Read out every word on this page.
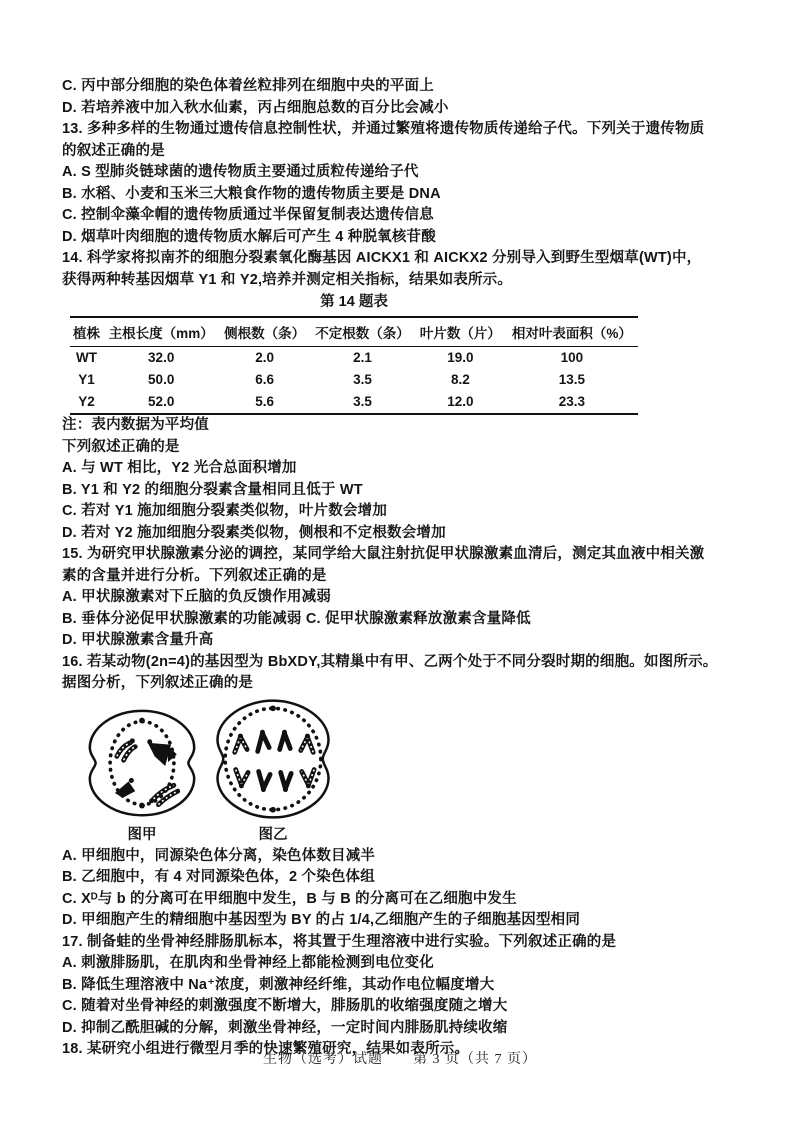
C. 丙中部分细胞的染色体着丝粒排列在细胞中央的平面上

D. 若培养液中加入秋水仙素，丙占细胞总数的百分比会减小

13. 多种多样的生物通过遗传信息控制性状，并通过繁殖将遗传物质传递给子代。下列关于遗传物质

的叙述正确的是

A. S 型肺炎链球菌的遗传物质主要通过质粒传递给子代

B. 水稻、小麦和玉米三大粮食作物的遗传物质主要是 DNA

C. 控制伞藻伞帽的遗传物质通过半保留复制表达遗传信息

D. 烟草叶肉细胞的遗传物质水解后可产生 4 种脱氧核苷酸

14. 科学家将拟南芥的细胞分裂素氧化酶基因 AICKX1 和 AICKX2 分别导入到野生型烟草(WT)中，

获得两种转基因烟草 Y1 和 Y2,培养并测定相关指标，结果如表所示。

第 14 题表
植株	主根长度（mm）	侧根数（条）	不定根数（条）	叶片数（片）	相对叶表面积（%）
WT	32.0	2.0	2.1	19.0	100
Y1	50.0	6.6	3.5	8.2	13.5
Y2	52.0	5.6	3.5	12.0	23.3

注：表内数据为平均值

下列叙述正确的是

A. 与 WT 相比，Y2 光合总面积增加

B. Y1 和 Y2 的细胞分裂素含量相同且低于 WT

C. 若对 Y1 施加细胞分裂素类似物，叶片数会增加

D. 若对 Y2 施加细胞分裂素类似物，侧根和不定根数会增加

15. 为研究甲状腺激素分泌的调控，某同学给大鼠注射抗促甲状腺激素血清后，测定其血液中相关激

素的含量并进行分析。下列叙述正确的是

A. 甲状腺激素对下丘脑的负反馈作用减弱

B. 垂体分泌促甲状腺激素的功能减弱 C. 促甲状腺激素释放激素含量降低

D. 甲状腺激素含量升高

16. 若某动物(2n=4)的基因型为 BbXDY,其精巢中有甲、乙两个处于不同分裂时期的细胞。如图所示。

据图分析，下列叙述正确的是

图甲	图乙

A. 甲细胞中，同源染色体分离，染色体数目减半

B. 乙细胞中，有 4 对同源染色体，2 个染色体组

C. Xᴰ与 b 的分离可在甲细胞中发生，B 与 B 的分离可在乙细胞中发生

D. 甲细胞产生的精细胞中基因型为 BY 的占 1/4,乙细胞产生的子细胞基因型相同

17. 制备蛙的坐骨神经腓肠肌标本，将其置于生理溶液中进行实验。下列叙述正确的是

A. 刺激腓肠肌，在肌肉和坐骨神经上都能检测到电位变化

B. 降低生理溶液中 Na⁺浓度，刺激神经纤维，其动作电位幅度增大

C. 随着对坐骨神经的刺激强度不断增大，腓肠肌的收缩强度随之增大

D. 抑制乙酰胆碱的分解，刺激坐骨神经，一定时间内腓肠肌持续收缩

18. 某研究小组进行微型月季的快速繁殖研究，结果如表所示。

生物（选考）试题　　第 3 页（共 7 页）
